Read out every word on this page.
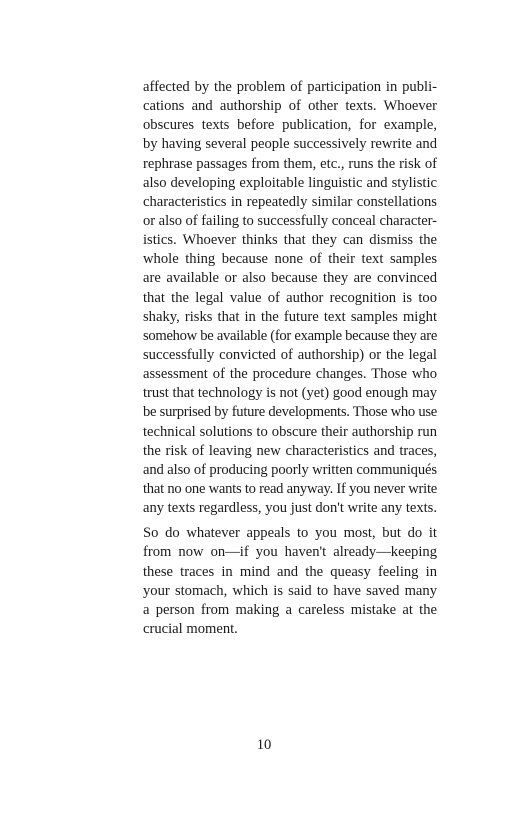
affected by the problem of participation in publi-
cations and authorship of other texts. Whoever
obscures texts before publication, for example,
by having several people successively rewrite and
rephrase passages from them, etc., runs the risk of
also developing exploitable linguistic and stylistic
characteristics in repeatedly similar constellations
or also of failing to successfully conceal character-
istics. Whoever thinks that they can dismiss the
whole thing because none of their text samples
are available or also because they are convinced
that the legal value of author recognition is too
shaky, risks that in the future text samples might
somehow be available (for example because they are
successfully convicted of authorship) or the legal
assessment of the procedure changes. Those who
trust that technology is not (yet) good enough may
be surprised by future developments. Those who use
technical solutions to obscure their authorship run
the risk of leaving new characteristics and traces,
and also of producing poorly written communiqués
that no one wants to read anyway. If you never write
any texts regardless, you just don't write any texts.
So do whatever appeals to you most, but do it
from now on—if you haven't already—keeping
these traces in mind and the queasy feeling in
your stomach, which is said to have saved many
a person from making a careless mistake at the
crucial moment.
10
